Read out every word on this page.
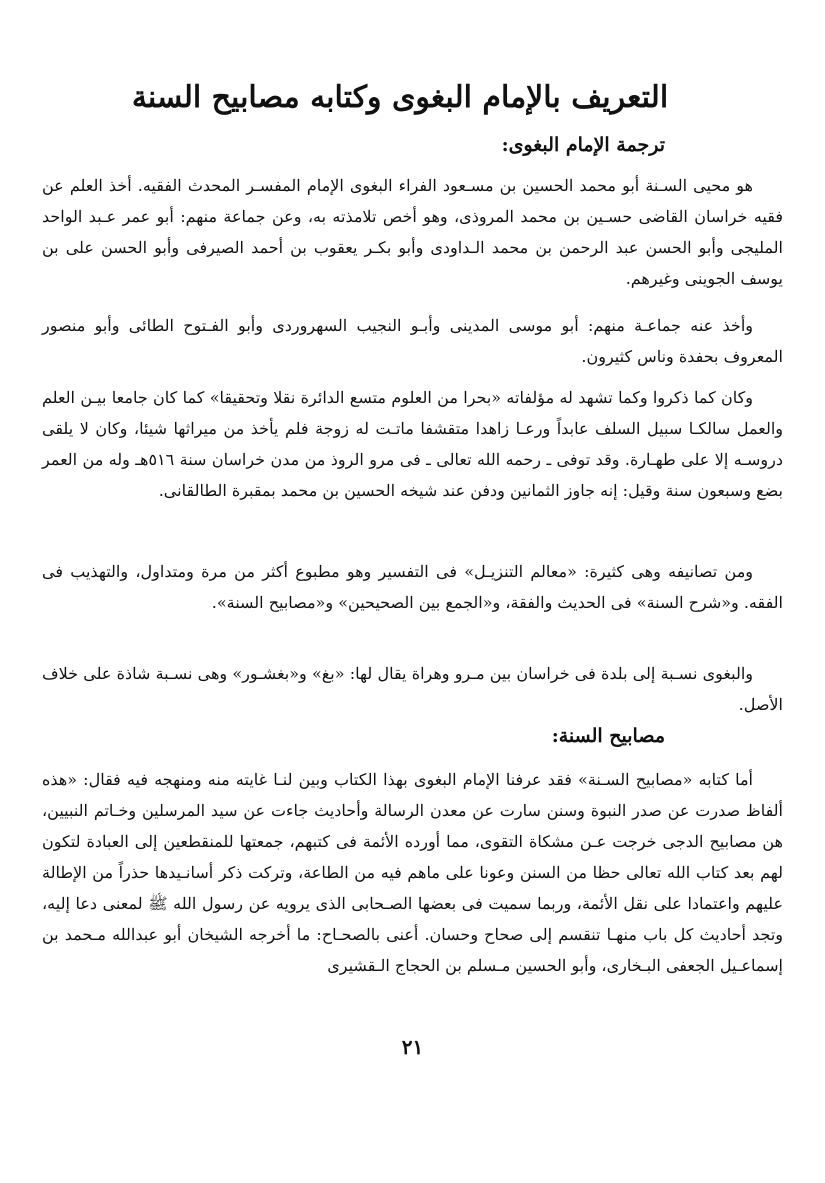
التعريف بالإمام البغوى وكتابه مصابيح السنة
ترجمة الإمام البغوى:

هو محيى السـنة أبو محمد الحسين بن مسـعود الفراء البغوى الإمام المفسـر المحدث الفقيه. أخذ العلم عن فقيه خراسان القاضى حسـين بن محمد المروذى، وهو أخص تلامذته به، وعن جماعة منهم: أبو عمر عـبد الواحد المليجى وأبو الحسن عبد الرحمن بن محمد الـداودى وأبو بكـر يعقوب بن أحمد الصيرفى وأبو الحسن على بن يوسف الجوينى وغيرهم.

وأخذ عنه جماعـة منهم: أبو موسى المدينى وأبـو النجيب السهروردى وأبو الفـتوح الطائى وأبو منصور المعروف بحفدة وناس كثيرون.

وكان كما ذكروا وكما تشهد له مؤلفاته «بحرا من العلوم متسع الدائرة نقلا وتحقيقا» كما كان جامعا بيـن العلم والعمل سالكـا سبيل السلف عابداً ورعـا زاهدا متقشفا ماتـت له زوجة فلم يأخذ من ميراثها شيئا، وكان لا يلقى دروسـه إلا على طهـارة. وقد توفى ـ رحمه الله تعالى ـ فى مرو الروذ من مدن خراسان سنة ٥١٦هـ وله من العمر بضع وسبعون سنة وقيل: إنه جاوز الثمانين ودفن عند شيخه الحسين بن محمد بمقبرة الطالقانى.

ومن تصانيفه وهى كثيرة: «معالم التنزيـل» فى التفسير وهو مطبوع أكثر من مرة ومتداول، والتهذيب فى الفقه. و«شرح السنة» فى الحديث والفقة، و«الجمع بين الصحيحين» و«مصابيح السنة».

والبغوى نسـبة إلى بلدة فى خراسان بين مـرو وهراة يقال لها: «بغ» و«بغشـور» وهى نسـبة شاذة على خلاف الأصل.

مصابيح السنة:

أما كتابه «مصابيح السـنة» فقد عرفنا الإمام البغوى بهذا الكتاب وبين لنـا غايته منه ومنهجه فيه فقال: «هذه ألفاظ صدرت عن صدر النبوة وسنن سارت عن معدن الرسالة وأحاديث جاءت عن سيد المرسلين وخـاتم النبيين، هن مصابيح الدجى خرجت عـن مشكاة التقوى، مما أورده الأئمة فى كتبهم، جمعتها للمنقطعين إلى العبادة لتكون لهم بعد كتاب الله تعالى حظا من السنن وعونا على ماهم فيه من الطاعة، وتركت ذكر أسانـيدها حذراً من الإطالة عليهم واعتمادا على نقل الأئمة، وربما سميت فى بعضها الصـحابى الذى يرويه عن رسول الله ﷺ لمعنى دعا إليه، وتجد أحاديث كل باب منهـا تنقسم إلى صحاح وحسان. أعنى بالصحـاح: ما أخرجه الشيخان أبو عبدالله مـحمد بن إسماعـيل الجعفى البـخارى، وأبو الحسين مـسلم بن الحجاج الـقشيرى

٢١
